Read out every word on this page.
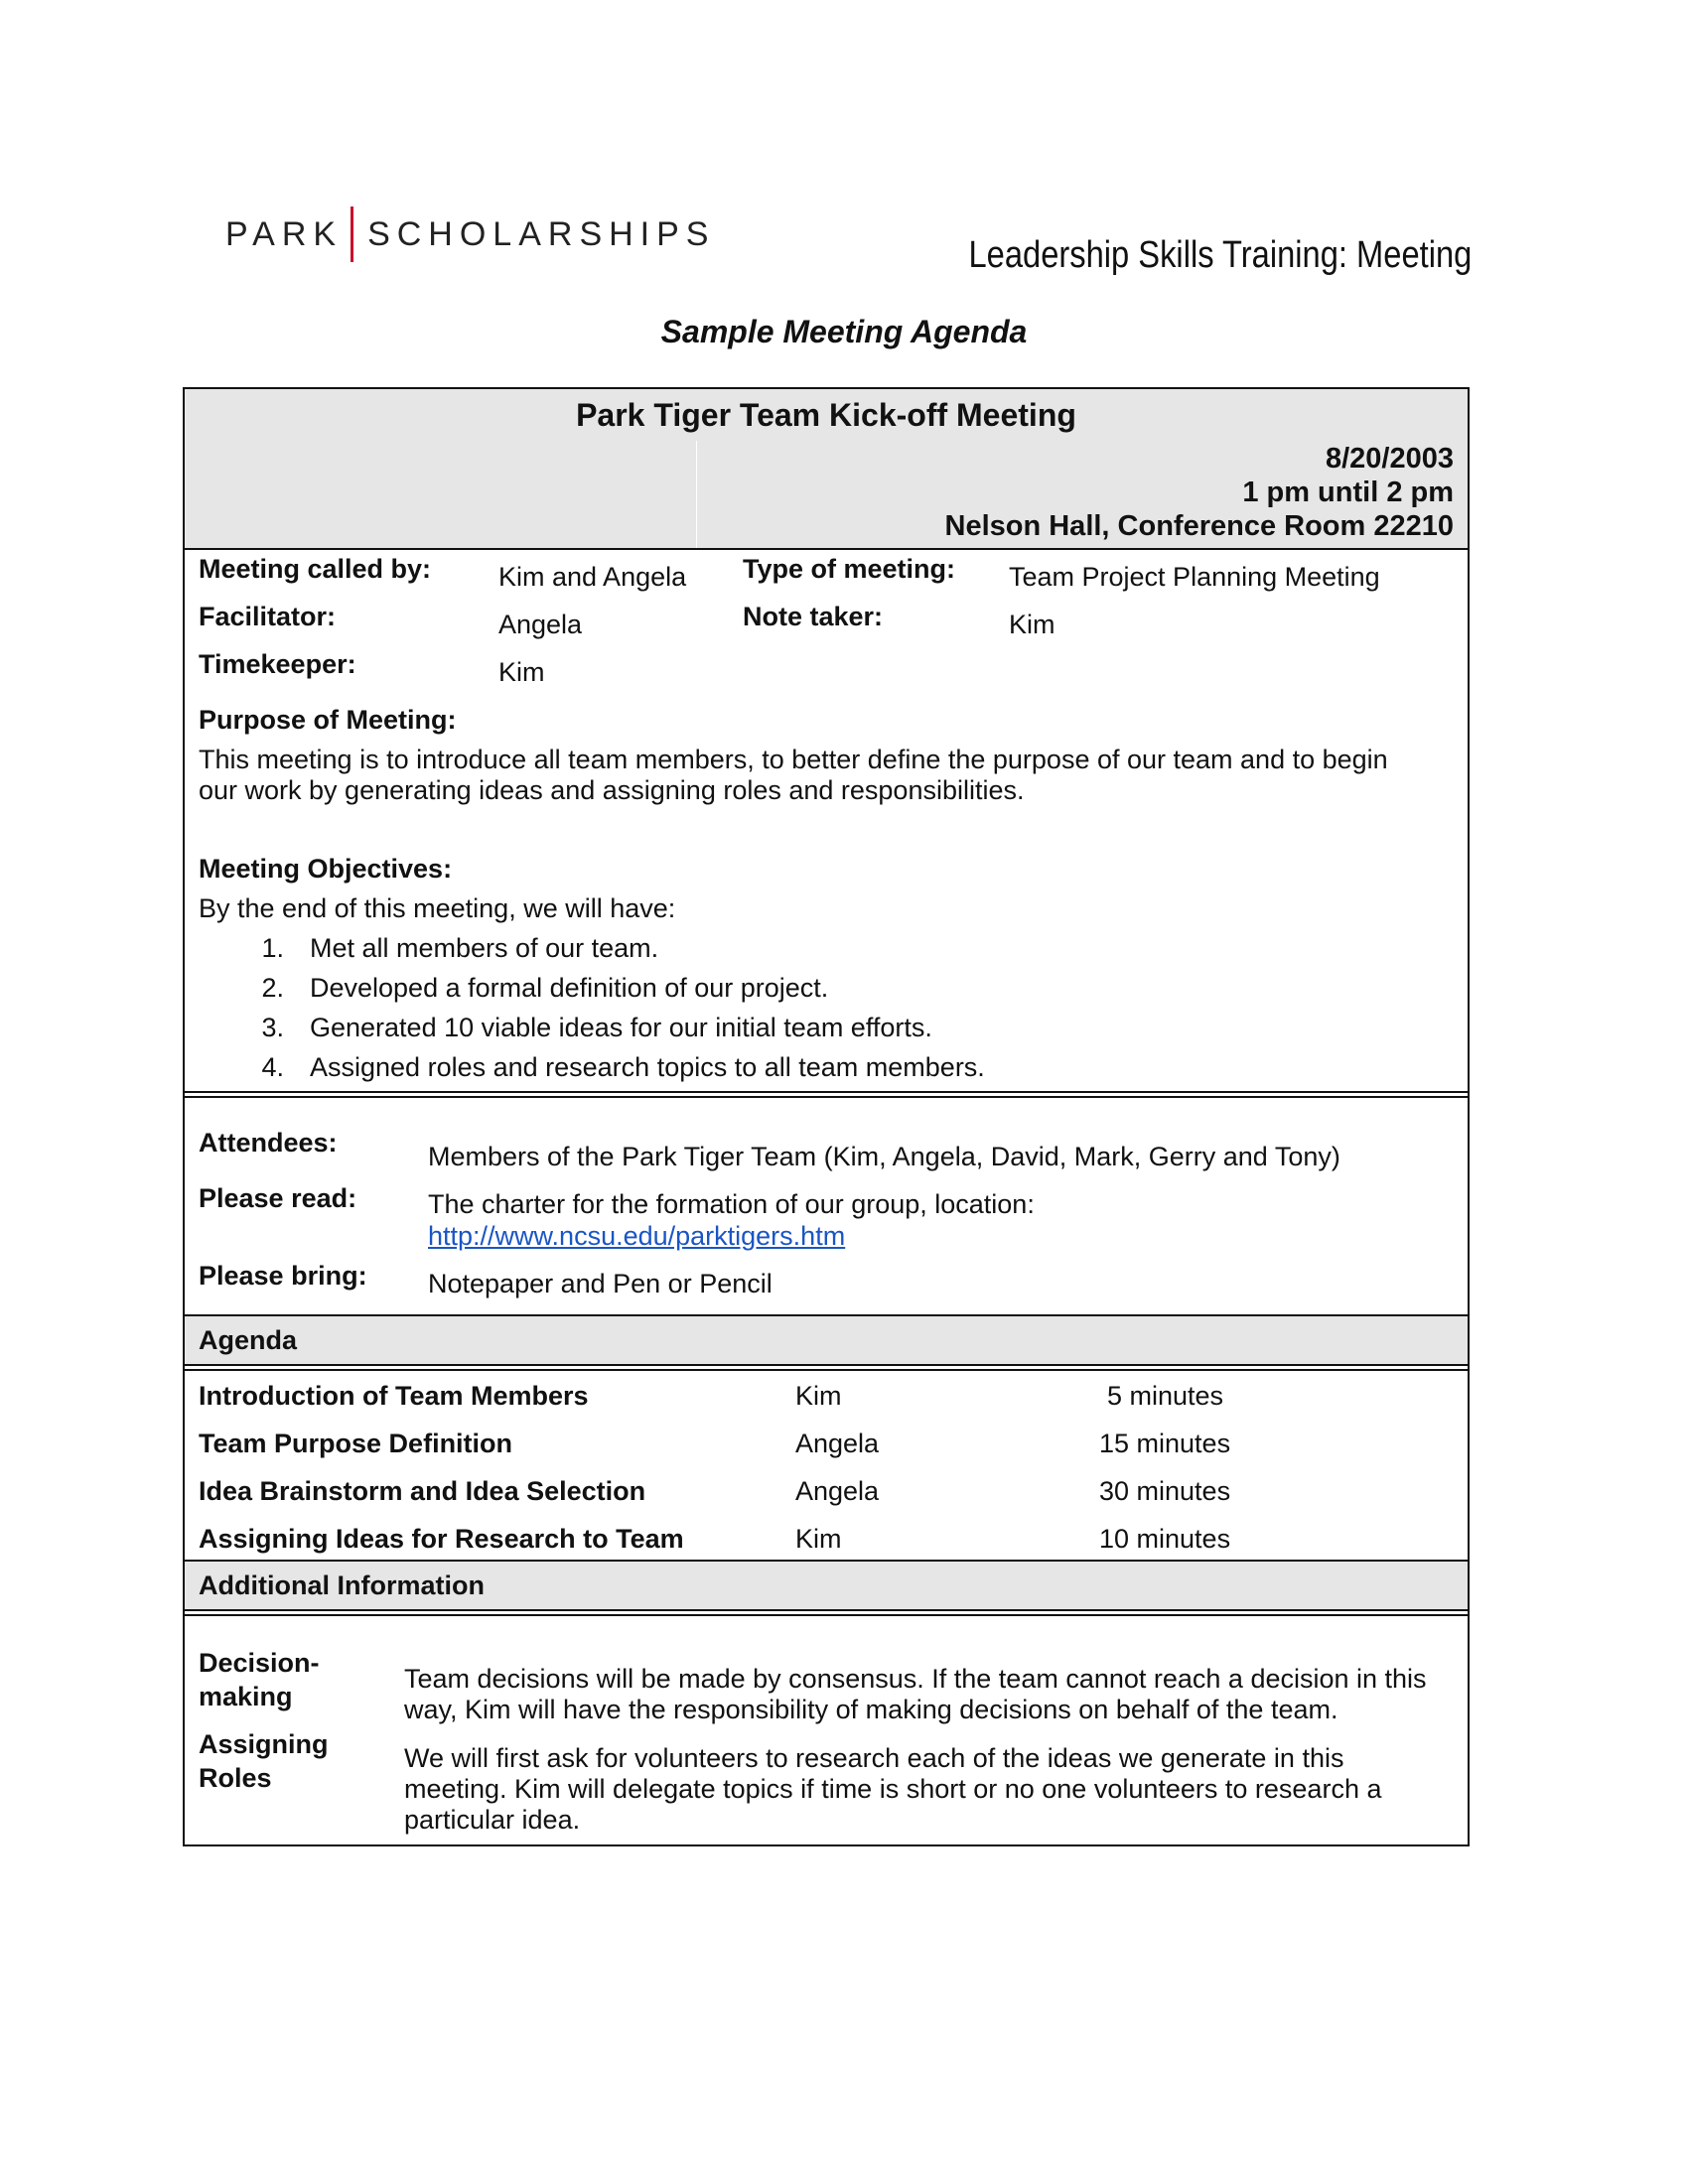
PARK SCHOLARSHIPS
Leadership Skills Training: Meeting
Sample Meeting Agenda
Park Tiger Team Kick-off Meeting
8/20/2003
1 pm until 2 pm
Nelson Hall, Conference Room 22210
Meeting called by:	Kim and Angela Type of meeting: Team Project Planning Meeting
Facilitator:	Angela	Note taker:	Kim
Timekeeper:	Kim
Purpose of Meeting:
This meeting is to introduce all team members, to better define the purpose of our team and to begin our work by generating ideas and assigning roles and responsibilities.
Meeting Objectives:
By the end of this meeting, we will have:
1. Met all members of our team.
2. Developed a formal definition of our project.
3. Generated 10 viable ideas for our initial team efforts.
4. Assigned roles and research topics to all team members.
Attendees:	Members of the Park Tiger Team (Kim, Angela, David, Mark, Gerry and Tony)
Please read:	The charter for the formation of our group, location:
http://www.ncsu.edu/parktigers.htm
Please bring: Notepaper and Pen or Pencil
Agenda
Introduction of Team Members	Kim	5 minutes
Team Purpose Definition	Angela	15 minutes
Idea Brainstorm and Idea Selection	Angela	30 minutes
Assigning Ideas for Research to Team	Kim	10 minutes
Additional Information
Decision-
making
Team decisions will be made by consensus. If the team cannot reach a decision in this way, Kim will have the responsibility of making decisions on behalf of the team.
Assigning
Roles
We will first ask for volunteers to research each of the ideas we generate in this meeting. Kim will delegate topics if time is short or no one volunteers to research a particular idea.
